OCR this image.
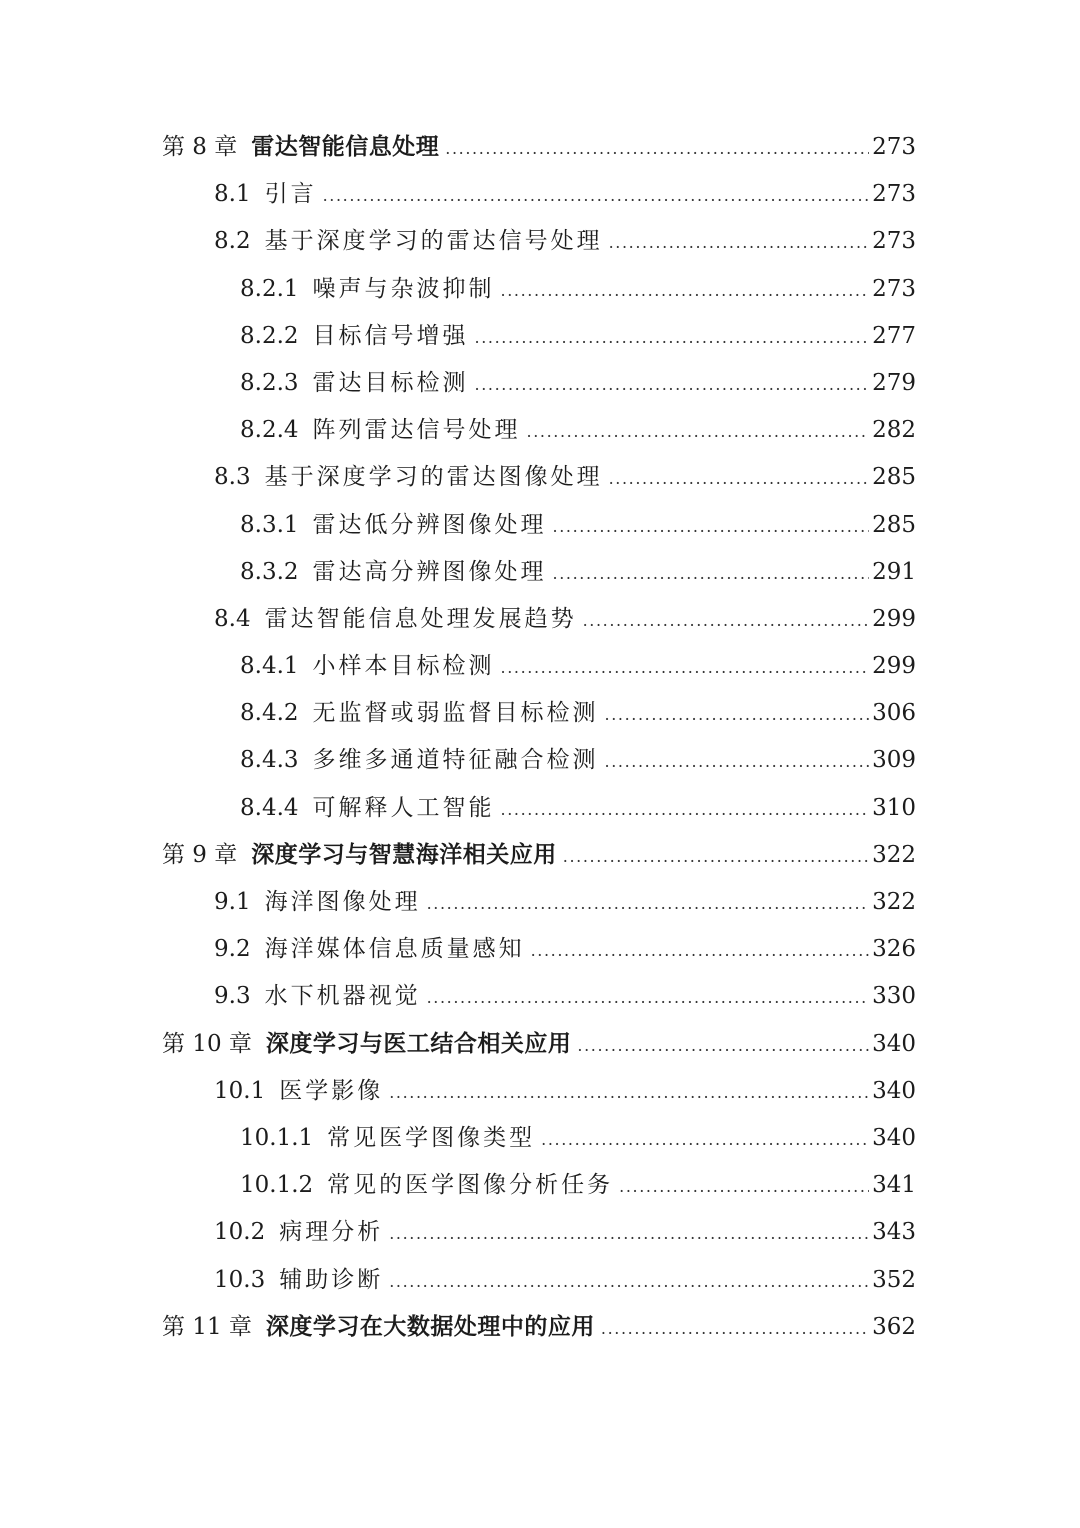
第 8 章 雷达智能信息处理 .....	273
8.1 引言 .....	273
8.2 基于深度学习的雷达信号处理 .....	273
8.2.1 噪声与杂波抑制 .....	273
8.2.2 目标信号增强 .....	277
8.2.3 雷达目标检测 .....	279
8.2.4 阵列雷达信号处理 .....	282
8.3 基于深度学习的雷达图像处理 .....	285
8.3.1 雷达低分辨图像处理 .....	285
8.3.2 雷达高分辨图像处理 .....	291
8.4 雷达智能信息处理发展趋势 .....	299
8.4.1 小样本目标检测 .....	299
8.4.2 无监督或弱监督目标检测 .....	306
8.4.3 多维多通道特征融合检测 .....	309
8.4.4 可解释人工智能 .....	310
第 9 章 深度学习与智慧海洋相关应用 .....	322
9.1 海洋图像处理 .....	322
9.2 海洋媒体信息质量感知 .....	326
9.3 水下机器视觉 .....	330
第 10 章 深度学习与医工结合相关应用 .....	340
10.1 医学影像 .....	340
10.1.1 常见医学图像类型 .....	340
10.1.2 常见的医学图像分析任务 .....	341
10.2 病理分析 .....	343
10.3 辅助诊断 .....	352
第 11 章 深度学习在大数据处理中的应用 .....	362
